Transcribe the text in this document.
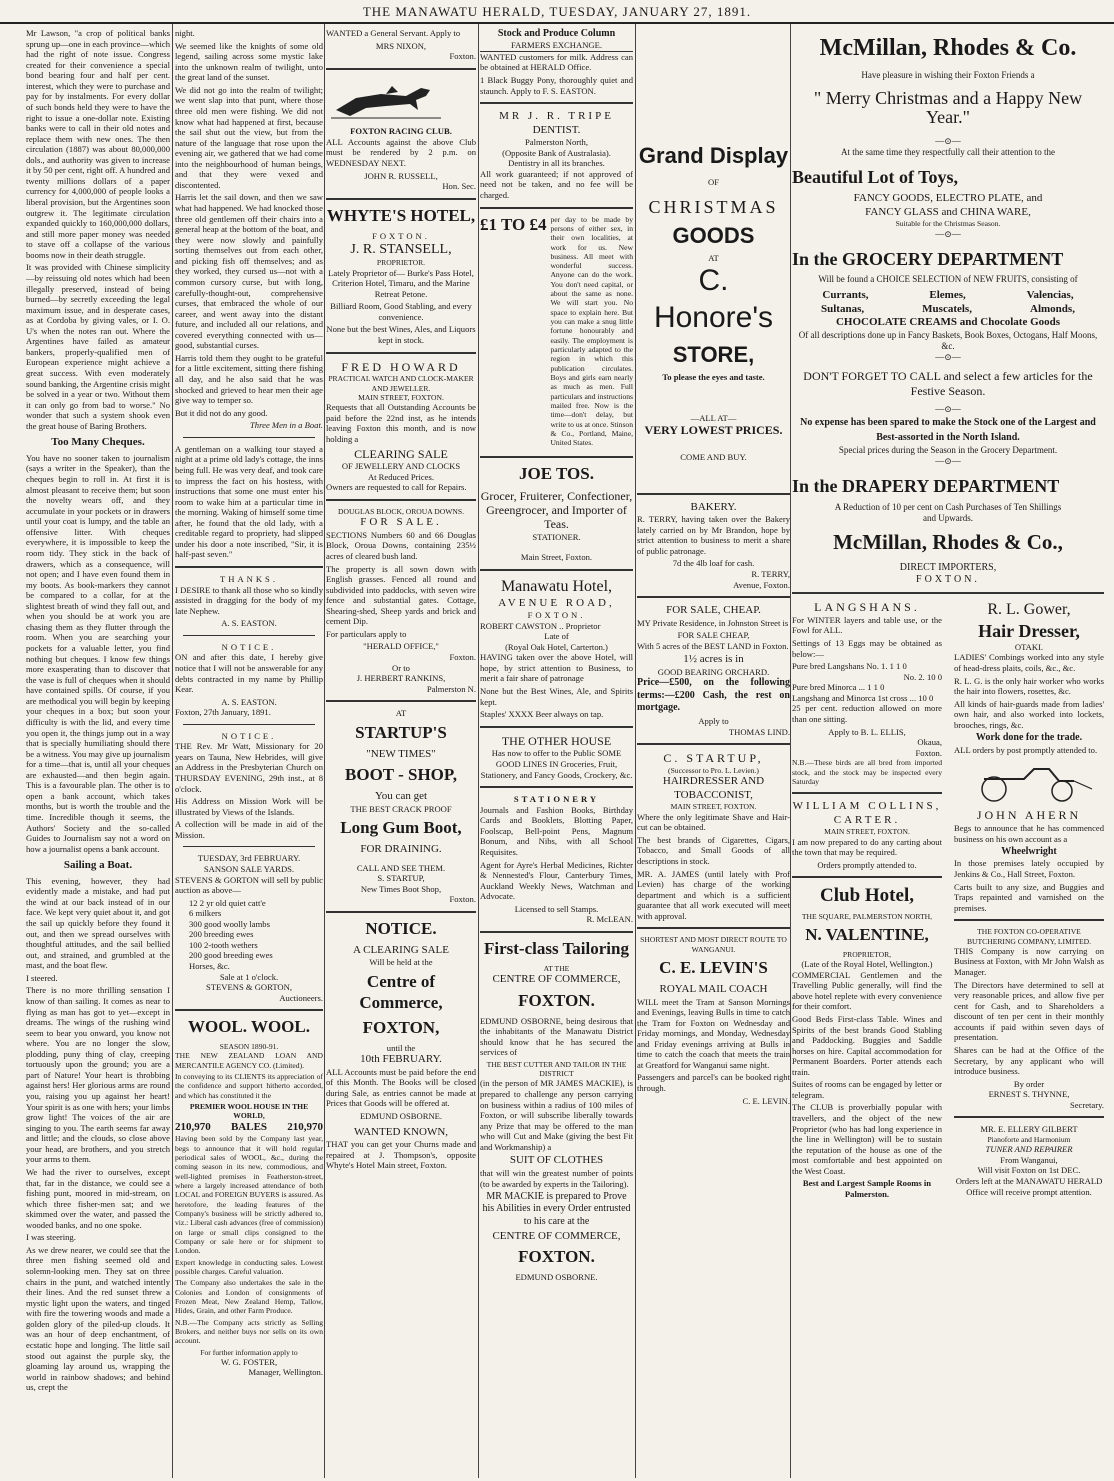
THE MANAWATU HERALD, TUESDAY, JANUARY 27, 1891.

Mr Lawson, "a crop of political banks sprung up—one in each province—which had the right of note issue. Congress created for their convenience a special bond bearing four and half per cent. interest, which they were to purchase and pay for by instalments. For every dollar of such bonds held they were to have the right to issue a one-dollar note. Existing banks were to call in their old notes and replace them with new ones. The then circulation (1887) was about 80,000,000 dols., and authority was given to increase it by 50 per cent, right off. A hundred and twenty millions dollars of a paper currency for 4,000,000 of people looks a liberal provision, but the Argentines soon outgrew it. The legitimate circulation expanded quickly to 160,000,000 dollars, and still more paper money was needed to stave off a collapse of the various booms now in their death struggle.

It was provided with Chinese simplicity—by reissuing old notes which had been illegally preserved, instead of being burned—by secretly exceeding the legal maximum issue, and in desperate cases, as at Cordoba by giving vales, or I. O. U's when the notes ran out. Where the Argentines have failed as amateur bankers, properly-qualified men of European experience might achieve a great success. With even moderately sound banking, the Argentine crisis might be solved in a year or two. Without them it can only go from bad to worse." No wonder that such a system shook even the great house of Baring Brothers.

Too Many Cheques.

You have no sooner taken to journalism (says a writer in the Speaker), than the cheques begin to roll in. At first it is almost pleasant to receive them; but soon the novelty wears off, and they accumulate in your pockets or in drawers until your coat is lumpy, and the table an offensive litter. With cheques everywhere, it is impossible to keep the room tidy. They stick in the back of drawers, which as a consequence, will not open; and I have even found them in my boots. As book-markers they cannot be compared to a collar, for at the slightest breath of wind they fall out, and when you should be at work you are chasing them as they flutter through the room. When you are searching your pockets for a valuable letter, you find nothing but cheques. I know few things more exasperating than to discover that the vase is full of cheques when it should have contained spills. Of course, if you are methodical you will begin by keeping your cheques in a box; but soon your difficulty is with the lid, and every time you open it, the things jump out in a way that is specially humiliating should there be a witness. You may give up journalism for a time—that is, until all your cheques are exhausted—and then begin again. This is a favourable plan. The other is to open a bank account, which takes months, but is worth the trouble and the time. Incredible though it seems, the Authors' Society and the so-called Guides to Journalism say not a word on how a journalist opens a bank account.

Sailing a Boat.

This evening, however, they had evidently made a mistake, and had put the wind at our back instead of in our face. We kept very quiet about it, and got the sail up quickly before they found it out, and then we spread ourselves with thoughtful attitudes, and the sail bellied out, and strained, and grumbled at the mast, and the boat flew.

I steered.

There is no more thrilling sensation I know of than sailing. It comes as near to flying as man has got to yet—except in dreams. The wings of the rushing wind seem to bear you onward, you know not where. You are no longer the slow, plodding, puny thing of clay, creeping tortuously upon the ground; you are a part of Nature! Your heart is throbbing against hers! Her glorious arms are round you, raising you up against her heart! Your spirit is as one with hers; your limbs grow light! The voices of the air are singing to you. The earth seems far away and little; and the clouds, so close above your head, are brothers, and you stretch your arms to them.

We had the river to ourselves, except that, far in the distance, we could see a fishing punt, moored in mid-stream, on which three fisher-men sat; and we skimmed over the water, and passed the wooded banks, and no one spoke.

I was steering.

As we drew nearer, we could see that the three men fishing seemed old and solemn-looking men. They sat on three chairs in the punt, and watched intently their lines. And the red sunset threw a mystic light upon the waters, and tinged with fire the towering woods and made a golden glory of the piled-up clouds. It was an hour of deep enchantment, of ecstatic hope and longing. The little sail stood out against the purple sky, the gloaming lay around us, wrapping the world in rainbow shadows; and behind us, crept the

night.

We seemed like the knights of some old legend, sailing across some mystic lake into the unknown realm of twilight, unto the great land of the sunset.

We did not go into the realm of twilight; we went slap into that punt, where those three old men were fishing. We did not know what had happened at first, because the sail shut out the view, but from the nature of the language that rose upon the evening air, we gathered that we had come into the neighbourhood of human beings, and that they were vexed and discontented.

Harris let the sail down, and then we saw what had happened. We had knocked those three old gentlemen off their chairs into a general heap at the bottom of the boat, and they were now slowly and painfully sorting themselves out from each other, and picking fish off themselves; and as they worked, they cursed us—not with a common cursory curse, but with long, carefully-thought-out, comprehensive curses, that embraced the whole of our career, and went away into the distant future, and included all our relations, and covered everything connected with us—good, substantial curses.

Harris told them they ought to be grateful for a little excitement, sitting there fishing all day, and he also said that he was shocked and grieved to hear men their age give way to temper so.

But it did not do any good.

Three Men in a Boat.

A gentleman on a walking tour stayed a night at a prime old lady's cottage, the inns being full. He was very deaf, and took care to impress the fact on his hostess, with instructions that some one must enter his room to wake him at a particular time in the morning. Waking of himself some time after, he found that the old lady, with a creditable regard to propriety, had slipped under his door a note inscribed, "Sir, it is half-past seven."

THANKS.

I DESIRE to thank all those who so kindly assisted in dragging for the body of my late Nephew.

A. S. EASTON.
NOTICE.

ON and after this date, I hereby give notice that I will not be answerable for any debts contracted in my name by Phillip Kear.

A. S. EASTON.
Foxton, 27th January, 1891.
NOTICE.

THE Rev. Mr Watt, Missionary for 20 years on Tauna, New Hebrides, will give an Address in the Presbyterian Church on THURSDAY EVENING, 29th inst., at 8 o'clock.

His Address on Mission Work will be illustrated by Views of the Islands.

A collection will be made in aid of the Mission.

TUESDAY, 3rd FEBRUARY.
SANSON SALE YARDS.

STEVENS & GORTON will sell by public auction as above—

12 2 yr old quiet catt'e
6 milkers
300 good woolly lambs
200 breeding ewes
100 2-tooth wethers
200 good breeding ewes
Horses, &c.
Sale at 1 o'clock.
STEVENS & GORTON,
Auctioneers.
WOOL. WOOL.
SEASON 1890-91.

THE NEW ZEALAND LOAN AND MERCANTILE AGENCY CO. (Limited).

In conveying to its CLIENTS its appreciation of the confidence and support hitherto accorded, and which has constituted it the

PREMIER WOOL HOUSE IN THE WORLD,
210,970 BALES 210,970

Having been sold by the Company last year, begs to announce that it will hold regular periodical sales of WOOL, &c., during the coming season in its new, commodious, and well-lighted premises in Featherston-street, where a largely increased attendance of both LOCAL and FOREIGN BUYERS is assured. As heretofore, the leading features of the Company's business will be strictly adhered to, viz.: Liberal cash advances (free of commission) on large or small clips consigned to the Company or sale here or for shipment to London.

Expert knowledge in conducting sales. Lowest possible charges. Careful valuation.

The Company also undertakes the sale in the Colonies and London of consignments of Frozen Meat, New Zealand Hemp, Tallow, Hides, Grain, and other Farm Produce.

N.B.—The Company acts strictly as Selling Brokers, and neither buys nor sells on its own account.

For further information apply to
W. G. FOSTER,
Manager, Wellington.

WANTED a General Servant. Apply to

MRS NIXON,
Foxton.
FOXTON RACING CLUB.

ALL Accounts against the above Club must be rendered by 2 p.m. on WEDNESDAY NEXT.

JOHN R. RUSSELL,
Hon. Sec.
WHYTE'S HOTEL,
FOXTON.
J. R. STANSELL,
PROPRIETOR.

Lately Proprietor of— Burke's Pass Hotel, Criterion Hotel, Timaru, and the Marine Retreat Petone.

Billiard Room, Good Stabling, and every convenience.

None but the best Wines, Ales, and Liquors kept in stock.

FRED HOWARD
PRACTICAL WATCH AND CLOCK-MAKER AND JEWELLER.
MAIN STREET, FOXTON.

Requests that all Outstanding Accounts be paid before the 22nd inst, as he intends leaving Foxton this month, and is now holding a

CLEARING SALE
OF JEWELLERY AND CLOCKS
At Reduced Prices.

Owners are requested to call for Repairs.

DOUGLAS BLOCK, OROUA DOWNS.
FOR SALE.

SECTIONS Numbers 60 and 66 Douglas Block, Oroua Downs, containing 235½ acres of cleared bush land.

The property is all sown down with English grasses. Fenced all round and subdivided into paddocks, with seven wire fence and substantial gates. Cottage, Shearing-shed, Sheep yards and brick and cement Dip.

For particulars apply to

"HERALD OFFICE,"
Foxton.
Or to
J. HERBERT RANKINS,
Palmerston N.
AT
STARTUP'S
"NEW TIMES"
BOOT - SHOP,
You can get
THE BEST CRACK PROOF
Long Gum Boot,
FOR DRAINING.
CALL AND SEE THEM.
S. STARTUP,
New Times Boot Shop,
Foxton.
NOTICE.
A CLEARING SALE
Will be held at the
Centre of Commerce,
FOXTON,
until the
10th FEBRUARY.

ALL Accounts must be paid before the end of this Month. The Books will be closed during Sale, as entries cannot be made at Prices that Goods will be offered at.

EDMUND OSBORNE.
WANTED KNOWN,

THAT you can get your Churns made and repaired at J. Thompson's, opposite Whyte's Hotel Main street, Foxton.

Stock and Produce Column
FARMERS EXCHANGE.

WANTED customers for milk. Address can be obtained at HERALD Office.

1 Black Buggy Pony, thoroughly quiet and staunch. Apply to F. S. EASTON.

MR J. R. TRIPE
DENTIST.
Palmerston North,
(Opposite Bank of Australasia).
Dentistry in all its branches.

All work guaranteed; if not approved of need not be taken, and no fee will be charged.

£1 TO £4 per day to be made by persons of either sex, in their own localities, at work for us. New business. All meet with wonderful success. Anyone can do the work. You don't need capital, or about the same as none. We will start you. No space to explain here. But you can make a snug little fortune honourably and easily. The employment is particularly adapted to the region in which this publication circulates. Boys and girls earn nearly as much as men. Full particulars and instructions mailed free. Now is the time—don't delay, but write to us at once. Stinson & Co., Portland, Maine, United States.

JOE TOS.
Grocer, Fruiterer, Confectioner, Greengrocer, and Importer of Teas.
STATIONER.
Main Street, Foxton.
Manawatu Hotel,
AVENUE ROAD,
FOXTON.
ROBERT CAWSTON .. Proprietor
Late of
(Royal Oak Hotel, Carterton.)

HAVING taken over the above Hotel, will hope, by strict attention to Business, to merit a fair share of patronage

None but the Best Wines, Ale, and Spirits kept.

Staples' XXXX Beer always on tap.

THE OTHER HOUSE

Has now to offer to the Public SOME GOOD LINES IN Groceries, Fruit, Stationery, and Fancy Goods, Crockery, &c.

STATIONERY

Journals and Fashion Books, Birthday Cards and Booklets, Blotting Paper, Foolscap, Bell-point Pens, Magnum Bonum, and Nibs, with all School Requisites.

Agent for Ayre's Herbal Medicines, Richter & Nennested's Flour, Canterbury Times, Auckland Weekly News, Watchman and Advocate.

Licensed to sell Stamps.
R. McLEAN.
First-class Tailoring
AT THE
CENTRE OF COMMERCE,
FOXTON.

EDMUND OSBORNE, being desirous that the inhabitants of the Manawatu District should know that he has secured the services of

THE BEST CUTTER AND TAILOR IN THE DISTRICT

(in the person of MR JAMES MACKIE), is prepared to challenge any person carrying on business within a radius of 100 miles of Foxton, or will subscribe liberally towards any Prize that may be offered to the man who will Cut and Make (giving the best Fit and Workmanship) a

SUIT OF CLOTHES

that will win the greatest number of points (to be awarded by experts in the Tailoring).

MR MACKIE is prepared to Prove his Abilities in every Order entrusted to his care at the

CENTRE OF COMMERCE,
FOXTON.
EDMUND OSBORNE.
Grand Display
OF
CHRISTMAS
GOODS
AT
C. Honore's
STORE,
To please the eyes and taste.
—ALL AT—
VERY LOWEST PRICES.
COME AND BUY.
BAKERY.

R. TERRY, having taken over the Bakery lately carried on by Mr Brandon, hope by strict attention to business to merit a share of public patronage.

7d the 4lb loaf for cash.
R. TERRY,
Avenue, Foxton.
FOR SALE, CHEAP.

MY Private Residence, in Johnston Street is

FOR SALE CHEAP,

With 5 acres of the BEST LAND in Foxton.

1½ acres is in
GOOD BEARING ORCHARD.

Price—£500, on the following terms:—£200 Cash, the rest on mortgage.

Apply to
THOMAS LIND.
C. STARTUP,
(Successor to Pro. L. Levien.)
HAIRDRESSER AND TOBACCONIST,
MAIN STREET, FOXTON.

Where the only legitimate Shave and Hair-cut can be obtained.

The best brands of Cigarettes, Cigars, Tobacco, and Small Goods of all descriptions in stock.

MR. A. JAMES (until lately with Prof Levien) has charge of the working department and which is a sufficient guarantee that all work executed will meet with approval.

SHORTEST AND MOST DIRECT ROUTE TO WANGANUI.
C. E. LEVIN'S
ROYAL MAIL COACH

WILL meet the Tram at Sanson Mornings and Evenings, leaving Bulls in time to catch the Tram for Foxton on Wednesday and Friday mornings, and Monday, Wednesday and Friday evenings arriving at Bulls in time to catch the coach that meets the train at Greatford for Wanganui same night.

Passengers and parcel's can be booked right through.

C. E. LEVIN.
McMillan, Rhodes & Co.
Have pleasure in wishing their Foxton Friends a
" Merry Christmas and a Happy New Year."
—⊙—
At the same time they respectfully call their attention to the
Beautiful Lot of Toys,
FANCY GOODS, ELECTRO PLATE, and
FANCY GLASS and CHINA WARE,
Suitable for the Christmas Season.
—⊙—
In the GROCERY DEPARTMENT
Will be found a CHOICE SELECTION of NEW FRUITS, consisting of
Currants,	Elemes,	Valencias,
Sultanas,	Muscatels,	Almonds,
CHOCOLATE CREAMS and Chocolate Goods
Of all descriptions done up in Fancy Baskets, Book Boxes, Octogans, Half Moons, &c.
—⊙—
DON'T FORGET TO CALL and select a few articles for the Festive Season.
—⊙—
No expense has been spared to make the Stock one of the Largest and Best-assorted in the North Island.
Special prices during the Season in the Grocery Department.
—⊙—
In the DRAPERY DEPARTMENT
A Reduction of 10 per cent on Cash Purchases of Ten Shillings and Upwards.
McMillan, Rhodes & Co.,
DIRECT IMPORTERS,
FOXTON.
LANGSHANS.

For WINTER layers and table use, or the Fowl for ALL.

Settings of 13 Eggs may be obtained as below:—

Pure bred Langshans No. 1. 1 1 0
No. 2. 10 0
Pure bred Minorca ... 1 1 0
Langshang and Minorca 1st cross ... 10 0

25 per cent. reduction allowed on more than one sitting.

Apply to B. L. ELLIS,
Okaua,
Foxton.

N.B.—These birds are all bred from imported stock, and the stock may be inspected every Saturday

WILLIAM COLLINS,
CARTER.
MAIN STREET, FOXTON.

I am now prepared to do any carting about the town that may be required.

Orders promptly attended to.
Club Hotel,
THE SQUARE, PALMERSTON NORTH,
N. VALENTINE,
PROPRIETOR,
(Late of the Royal Hotel, Wellington.)

COMMERCIAL Gentlemen and the Travelling Public generally, will find the above hotel replete with every convenience for their comfort.

Good Beds First-class Table. Wines and Spirits of the best brands Good Stabling and Paddocking. Buggies and Saddle horses on hire. Capital accommodation for Permanent Boarders. Porter attends each train.

Suites of rooms can be engaged by letter or telegram.

The CLUB is proverbially popular with travellers, and the object of the new Proprietor (who has had long experience in the line in Wellington) will be to sustain the reputation of the house as one of the most comfortable and best appointed on the West Coast.

Best and Largest Sample Rooms in Palmerston.
R. L. Gower,
Hair Dresser,
OTAKI.

LADIES' Combings worked into any style of head-dress plaits, coils, &c., &c.

R. L. G. is the only hair worker who works the hair into flowers, rosettes, &c.

All kinds of hair-guards made from ladies' own hair, and also worked into lockets, brooches, rings, &c.

Work done for the trade.

ALL orders by post promptly attended to.

JOHN AHERN

Begs to announce that he has commenced business on his own account as a

Wheelwright

In those premises lately occupied by Jenkins & Co., Hall Street, Foxton.

Carts built to any size, and Buggies and Traps repainted and varnished on the premises.

THE FOXTON CO-OPERATIVE BUTCHERING COMPANY, LIMITED.

THIS Company is now carrying on Business at Foxton, with Mr John Walsh as Manager.

The Directors have determined to sell at very reasonable prices, and allow five per cent for Cash, and to Shareholders a discount of ten per cent in their monthly accounts if paid within seven days of presentation.

Shares can be had at the Office of the Secretary, by any applicant who will introduce business.

By order
ERNEST S. THYNNE,
Secretary.
MR. E. ELLERY GILBERT
Pianoforte and Harmonium
TUNER AND REPAIRER
From Wanganui,
Will visit Foxton on 1st DEC.

Orders left at the MANAWATU HERALD Office will receive prompt attention.
